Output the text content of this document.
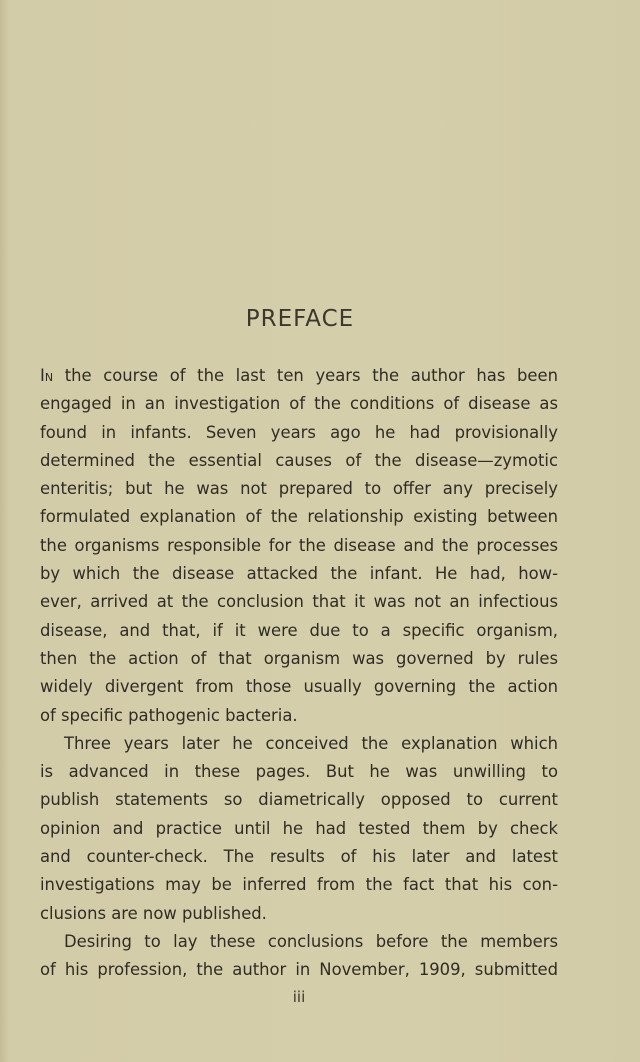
PREFACE
In the course of the last ten years the author has been
engaged in an investigation of the conditions of disease as
found in infants. Seven years ago he had provisionally
determined the essential causes of the disease—zymotic
enteritis; but he was not prepared to offer any precisely
formulated explanation of the relationship existing between
the organisms responsible for the disease and the processes
by which the disease attacked the infant. He had, how-
ever, arrived at the conclusion that it was not an infectious
disease, and that, if it were due to a specific organism,
then the action of that organism was governed by rules
widely divergent from those usually governing the action
of specific pathogenic bacteria.
Three years later he conceived the explanation which
is advanced in these pages. But he was unwilling to
publish statements so diametrically opposed to current
opinion and practice until he had tested them by check
and counter-check. The results of his later and latest
investigations may be inferred from the fact that his con-
clusions are now published.
Desiring to lay these conclusions before the members
of his profession, the author in November, 1909, submitted
iii
